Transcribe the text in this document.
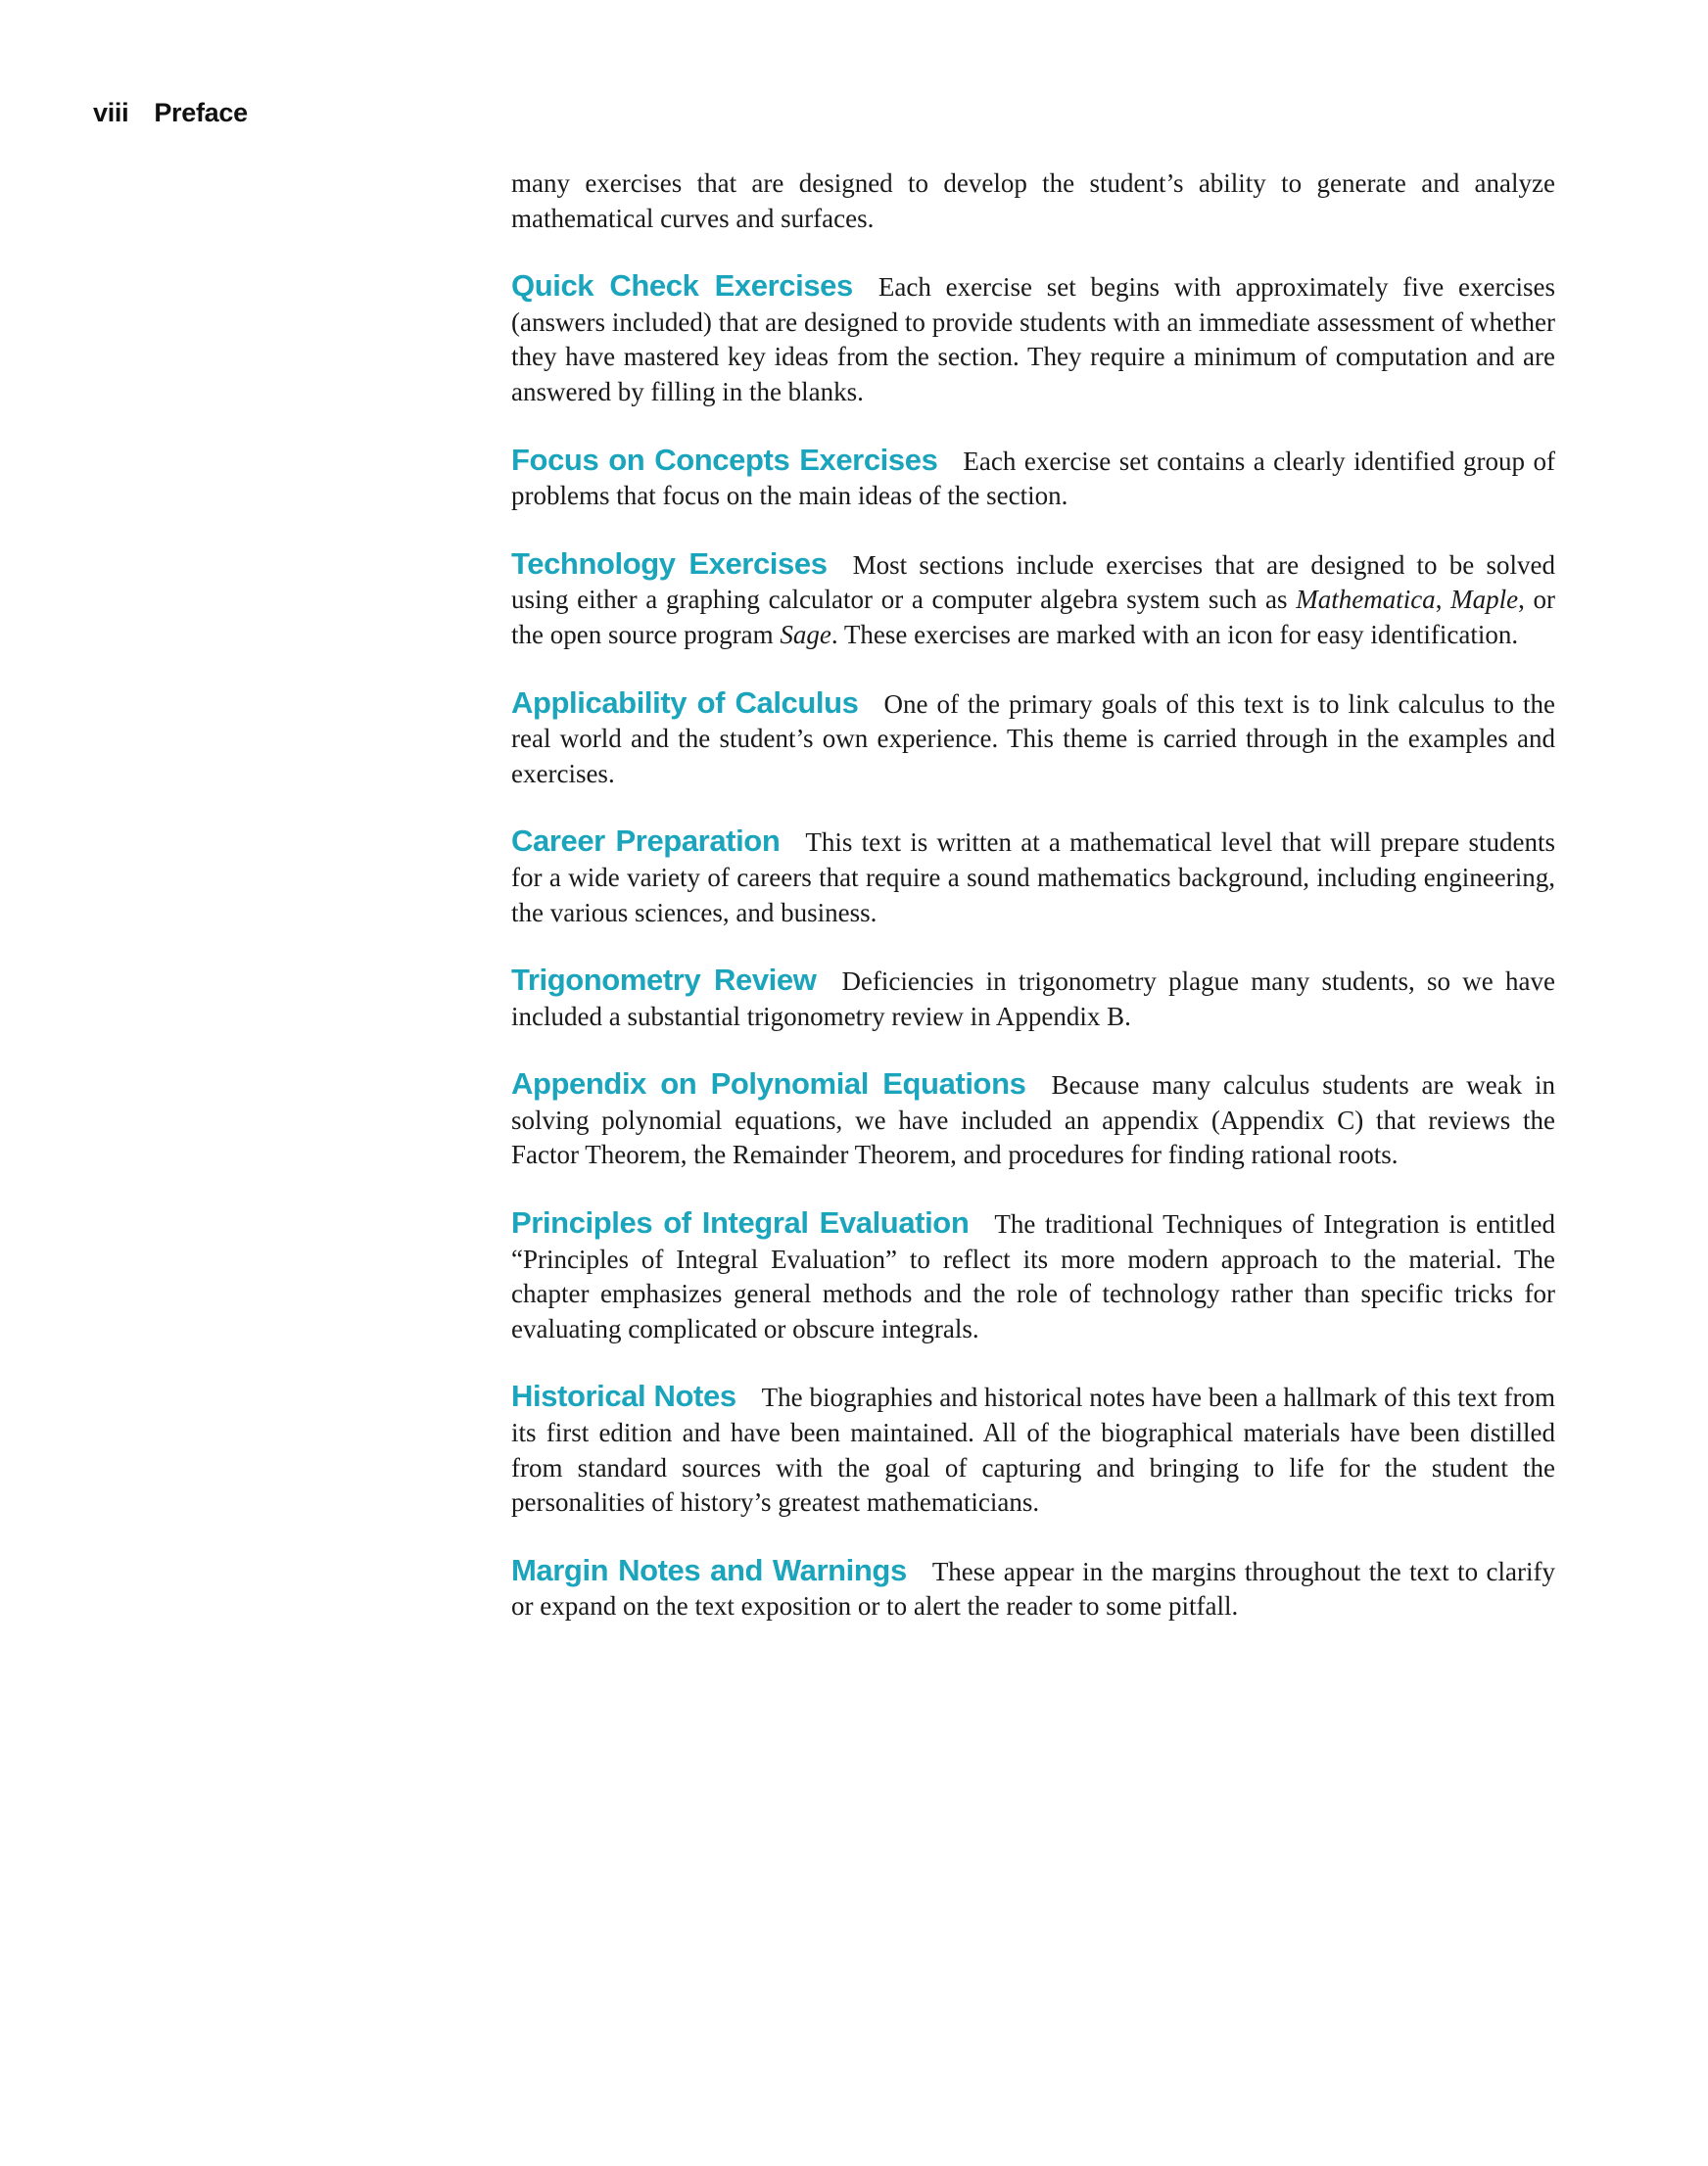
viii Preface

many exercises that are designed to develop the student’s ability to generate and analyze mathematical curves and surfaces.

Quick Check Exercises Each exercise set begins with approximately five exercises (answers included) that are designed to provide students with an immediate assessment of whether they have mastered key ideas from the section. They require a minimum of computation and are answered by filling in the blanks.

Focus on Concepts Exercises Each exercise set contains a clearly identified group of problems that focus on the main ideas of the section.

Technology Exercises Most sections include exercises that are designed to be solved using either a graphing calculator or a computer algebra system such as Mathematica, Maple, or the open source program Sage. These exercises are marked with an icon for easy identification.

Applicability of Calculus One of the primary goals of this text is to link calculus to the real world and the student’s own experience. This theme is carried through in the examples and exercises.

Career Preparation This text is written at a mathematical level that will prepare students for a wide variety of careers that require a sound mathematics background, including engineering, the various sciences, and business.

Trigonometry Review Deficiencies in trigonometry plague many students, so we have included a substantial trigonometry review in Appendix B.

Appendix on Polynomial Equations Because many calculus students are weak in solving polynomial equations, we have included an appendix (Appendix C) that reviews the Factor Theorem, the Remainder Theorem, and procedures for finding rational roots.

Principles of Integral Evaluation The traditional Techniques of Integration is entitled “Principles of Integral Evaluation” to reflect its more modern approach to the material. The chapter emphasizes general methods and the role of technology rather than specific tricks for evaluating complicated or obscure integrals.

Historical Notes The biographies and historical notes have been a hallmark of this text from its first edition and have been maintained. All of the biographical materials have been distilled from standard sources with the goal of capturing and bringing to life for the student the personalities of history’s greatest mathematicians.

Margin Notes and Warnings These appear in the margins throughout the text to clarify or expand on the text exposition or to alert the reader to some pitfall.
